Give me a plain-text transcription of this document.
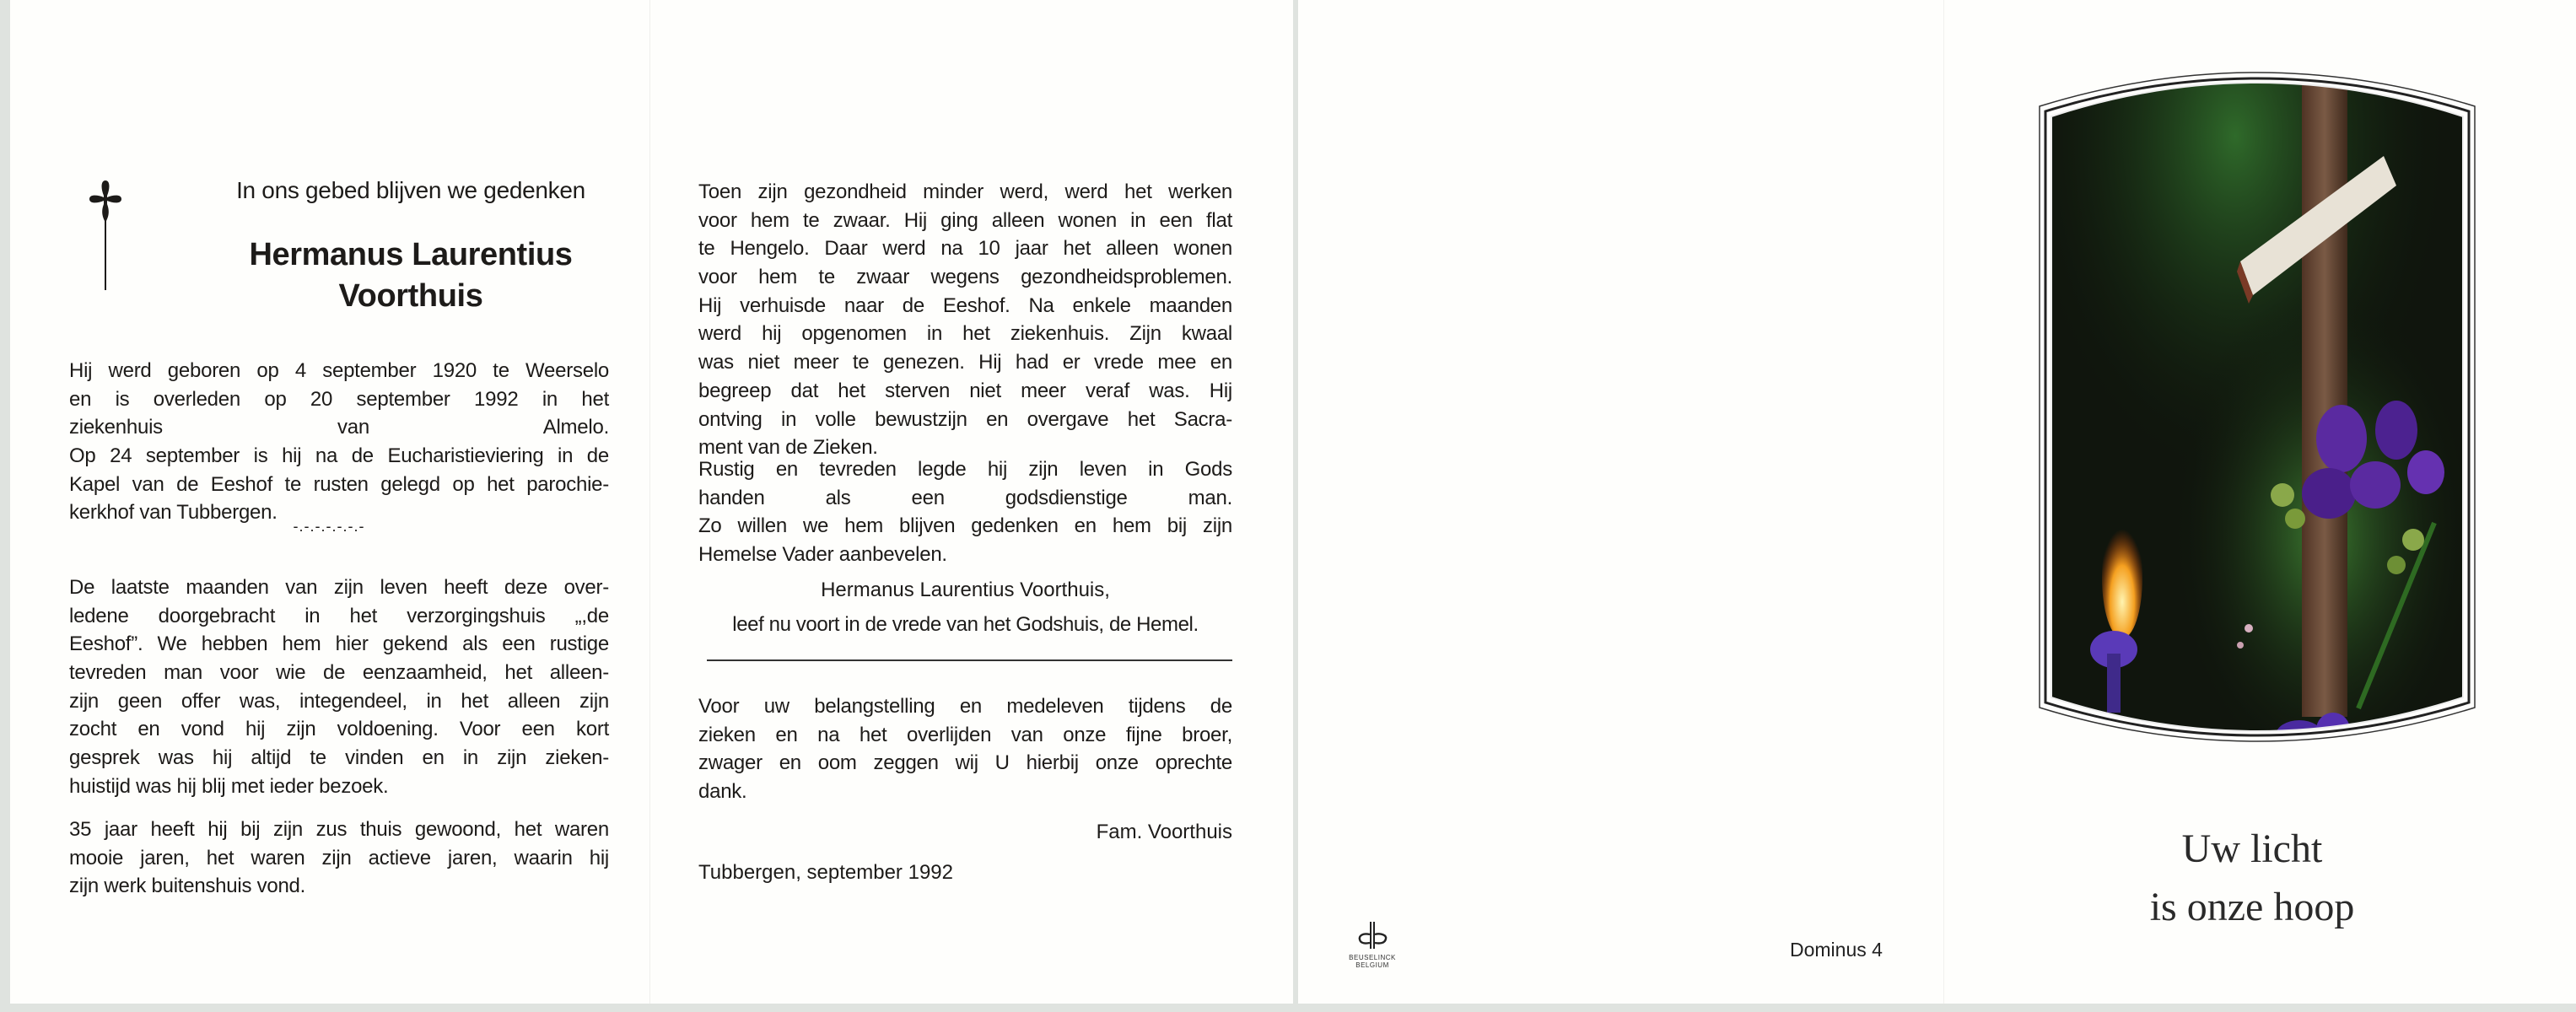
In ons gebed blijven we gedenken
Hermanus Laurentius
Voorthuis
Hij werd geboren op 4 september 1920 te Weerselo
en is overleden op 20 september 1992 in het
ziekenhuis van Almelo.
Op 24 september is hij na de Eucharistieviering in de
Kapel van de Eeshof te rusten gelegd op het parochie-
kerkhof van Tubbergen.
-.-.-.-.-.-.-
De laatste maanden van zijn leven heeft deze over-
ledene doorgebracht in het verzorgingshuis „,de
Eeshof”. We hebben hem hier gekend als een rustige
tevreden man voor wie de eenzaamheid, het alleen-
zijn geen offer was, integendeel, in het alleen zijn
zocht en vond hij zijn voldoening. Voor een kort
gesprek was hij altijd te vinden en in zijn zieken-
huistijd was hij blij met ieder bezoek.
35 jaar heeft hij bij zijn zus thuis gewoond, het waren
mooie jaren, het waren zijn actieve jaren, waarin hij
zijn werk buitenshuis vond.
Toen zijn gezondheid minder werd, werd het werken
voor hem te zwaar. Hij ging alleen wonen in een flat
te Hengelo. Daar werd na 10 jaar het alleen wonen
voor hem te zwaar wegens gezondheidsproblemen.
Hij verhuisde naar de Eeshof. Na enkele maanden
werd hij opgenomen in het ziekenhuis. Zijn kwaal
was niet meer te genezen. Hij had er vrede mee en
begreep dat het sterven niet meer veraf was. Hij
ontving in volle bewustzijn en overgave het Sacra-
ment van de Zieken.
Rustig en tevreden legde hij zijn leven in Gods
handen als een godsdienstige man.
Zo willen we hem blijven gedenken en hem bij zijn
Hemelse Vader aanbevelen.
Hermanus Laurentius Voorthuis,
leef nu voort in de vrede van het Godshuis, de Hemel.
Voor uw belangstelling en medeleven tijdens de
zieken en na het overlijden van onze fijne broer,
zwager en oom zeggen wij U hierbij onze oprechte
dank.
Fam. Voorthuis
Tubbergen, september 1992
BEUSELINCK
BELGIUM
Dominus 4
Uw licht
is onze hoop
